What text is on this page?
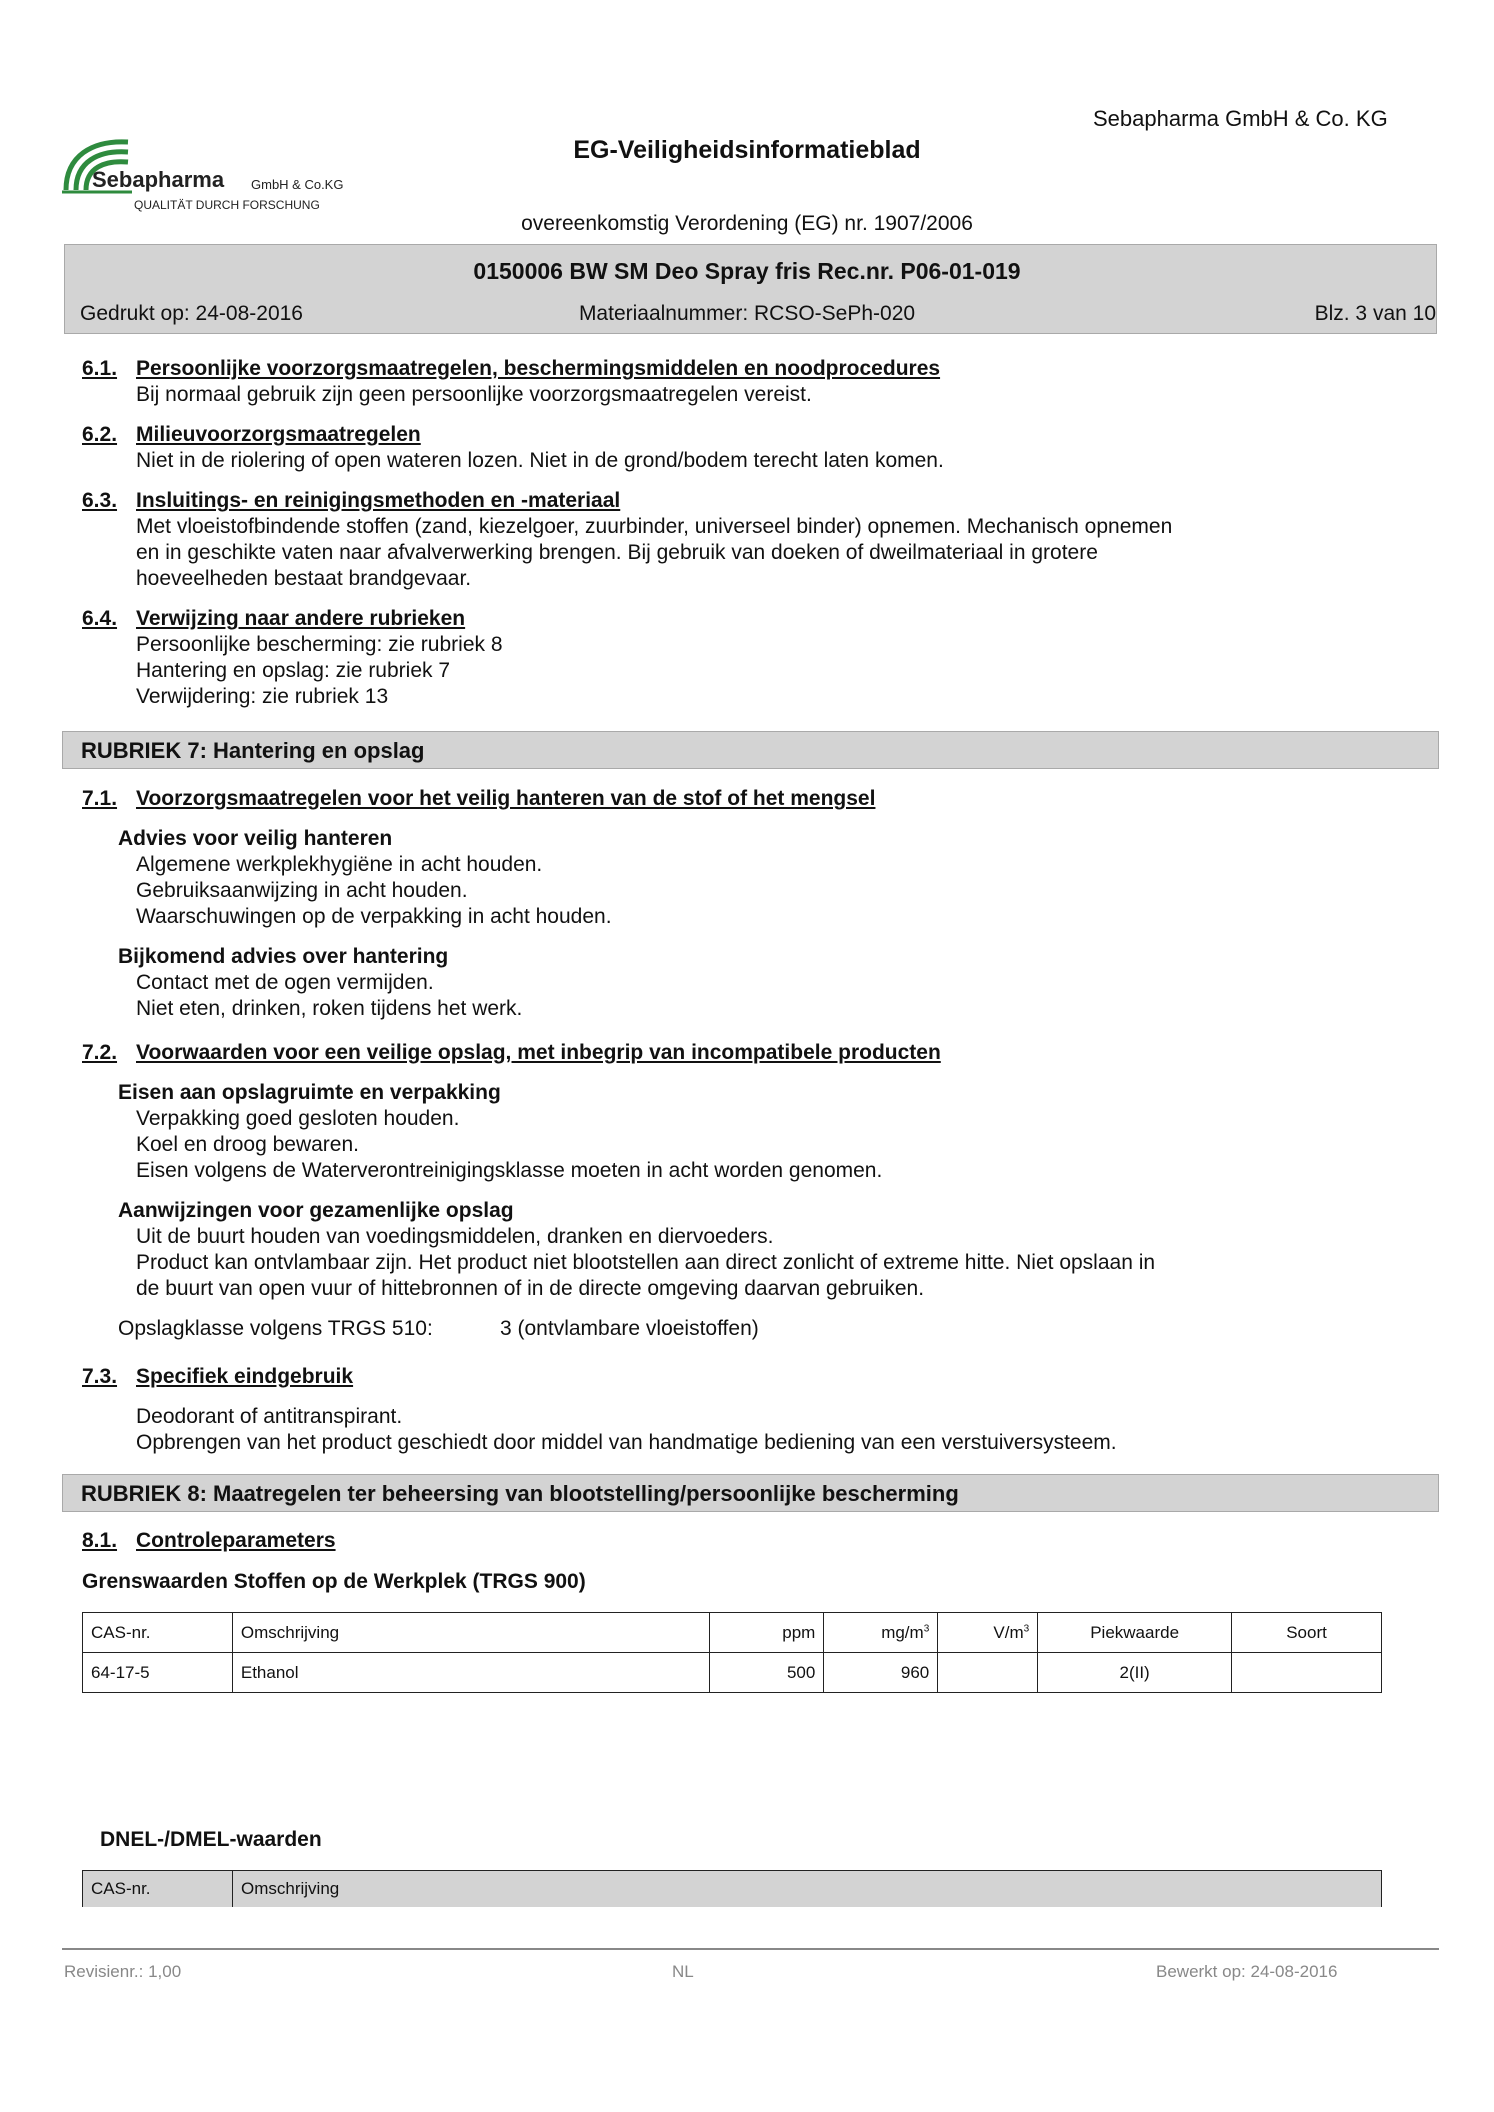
Sebapharma GmbH & Co. KG
Sebapharma GmbH & Co.KG
QUALITÄT DURCH FORSCHUNG
EG-Veiligheidsinformatieblad
overeenkomstig Verordening (EG) nr. 1907/2006
0150006 BW SM Deo Spray fris Rec.nr. P06-01-019
Gedrukt op: 24-08-2016	Materiaalnummer: RCSO-SePh-020	Blz. 3 van 10
6.1. Persoonlijke voorzorgsmaatregelen, beschermingsmiddelen en noodprocedures
Bij normaal gebruik zijn geen persoonlijke voorzorgsmaatregelen vereist.
6.2. Milieuvoorzorgsmaatregelen
Niet in de riolering of open wateren lozen. Niet in de grond/bodem terecht laten komen.
6.3. Insluitings- en reinigingsmethoden en -materiaal
Met vloeistofbindende stoffen (zand, kiezelgoer, zuurbinder, universeel binder) opnemen. Mechanisch opnemen
en in geschikte vaten naar afvalverwerking brengen. Bij gebruik van doeken of dweilmateriaal in grotere
hoeveelheden bestaat brandgevaar.
6.4. Verwijzing naar andere rubrieken
Persoonlijke bescherming: zie rubriek 8
Hantering en opslag: zie rubriek 7
Verwijdering: zie rubriek 13
RUBRIEK 7: Hantering en opslag
7.1. Voorzorgsmaatregelen voor het veilig hanteren van de stof of het mengsel
Advies voor veilig hanteren
Algemene werkplekhygiëne in acht houden.
Gebruiksaanwijzing in acht houden.
Waarschuwingen op de verpakking in acht houden.
Bijkomend advies over hantering
Contact met de ogen vermijden.
Niet eten, drinken, roken tijdens het werk.
7.2. Voorwaarden voor een veilige opslag, met inbegrip van incompatibele producten
Eisen aan opslagruimte en verpakking
Verpakking goed gesloten houden.
Koel en droog bewaren.
Eisen volgens de Waterverontreinigingsklasse moeten in acht worden genomen.
Aanwijzingen voor gezamenlijke opslag
Uit de buurt houden van voedingsmiddelen, dranken en diervoeders.
Product kan ontvlambaar zijn. Het product niet blootstellen aan direct zonlicht of extreme hitte. Niet opslaan in
de buurt van open vuur of hittebronnen of in de directe omgeving daarvan gebruiken.
Opslagklasse volgens TRGS 510:	3 (ontvlambare vloeistoffen)
7.3. Specifiek eindgebruik
Deodorant of antitranspirant.
Opbrengen van het product geschiedt door middel van handmatige bediening van een verstuiversysteem.
RUBRIEK 8: Maatregelen ter beheersing van blootstelling/persoonlijke bescherming
8.1. Controleparameters
Grenswaarden Stoffen op de Werkplek (TRGS 900)
CAS-nr.	Omschrijving	ppm	$mg/m^3$	$V/m^3$	Piekwaarde	Soort
64-17-5	Ethanol	500	960		2(II)	
DNEL-/DMEL-waarden
CAS-nr.	Omschrijving
Revisienr.: 1,00	NL	Bewerkt op: 24-08-2016
